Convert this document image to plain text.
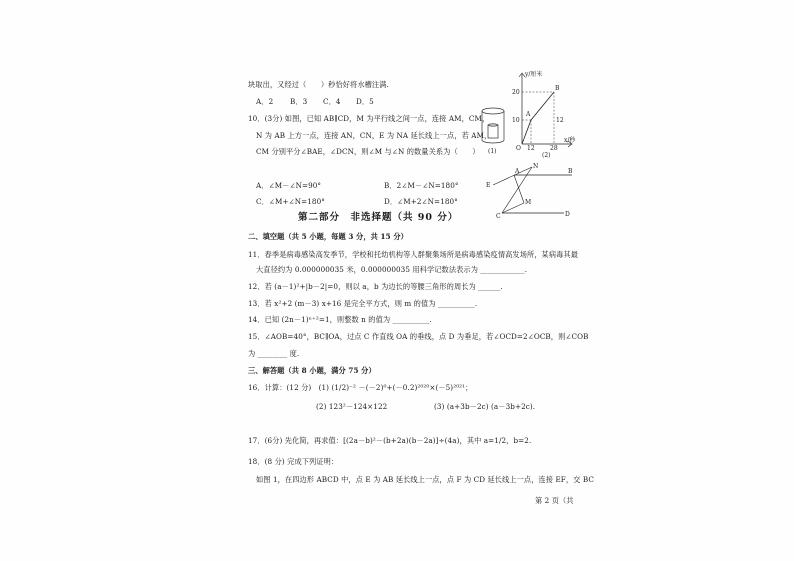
块取出，又经过（　　）秒恰好将水槽注满.
A．2 B．3 C．4 D．5
10．(3分) 如图，已知 AB∥CD，M 为平行线之间一点，连接 AM，CM，
N 为 AB 上方一点，连接 AN，CN，E 为 NA 延长线上一点，若 AM，
CM 分别平分∠BAE，∠DCN，则∠M 与∠N 的数量关系为（　　）
A．∠M－∠N=90°	B．2∠M－∠N=180°
C．∠M+∠N=180°	D．∠M+2∠N=180°
第二部分　非选择题（共 90 分）
二、填空题（共 5 小题，每题 3 分，共 15 分）
11．春季是病毒感染高发季节，学校和托幼机构等人群聚集场所是病毒感染疫情高发场所，某病毒其最
大直径约为 0.000000035 米，0.000000035 用科学记数法表示为 ____________.
12．若 (a－1)²+|b－2|=0，则以 a，b 为边长的等腰三角形的周长为 ______.
13．若 x²+2 (m－3) x+16 是完全平方式，则 m 的值为 __________.
14．已知 (2n－1)ⁿ⁺²=1，则整数 n 的值为 __________.
15．∠AOB=40°，BC∥OA，过点 C 作直线 OA 的垂线，点 D 为垂足，若∠OCD=2∠OCB，则∠COB
为 ________ 度.
三、解答题（共 8 小题，满分 75 分）
16．计算：(12 分)　(1) (1/2)⁻² －(－2)⁰+(－0.2)²⁰²⁰×(－5)²⁰²¹；
(2) 123²－124×122	(3) (a+3b－2c) (a－3b+2c).
17．(6分) 先化简，再求值：[(2a－b)²－(b+2a)(b－2a)]÷(4a)，其中 a=1/2，b=2.
18．(8 分) 完成下列证明：
如图 1，在四边形 ABCD 中，点 E 为 AB 延长线上一点，点 F 为 CD 延长线上一点，连接 EF，交 BC
第 2 页（共
(1)
y/厘米
x/秒
20
10
O 12	28
A
B
12
(2)
A	B
E
N
M
C	D
